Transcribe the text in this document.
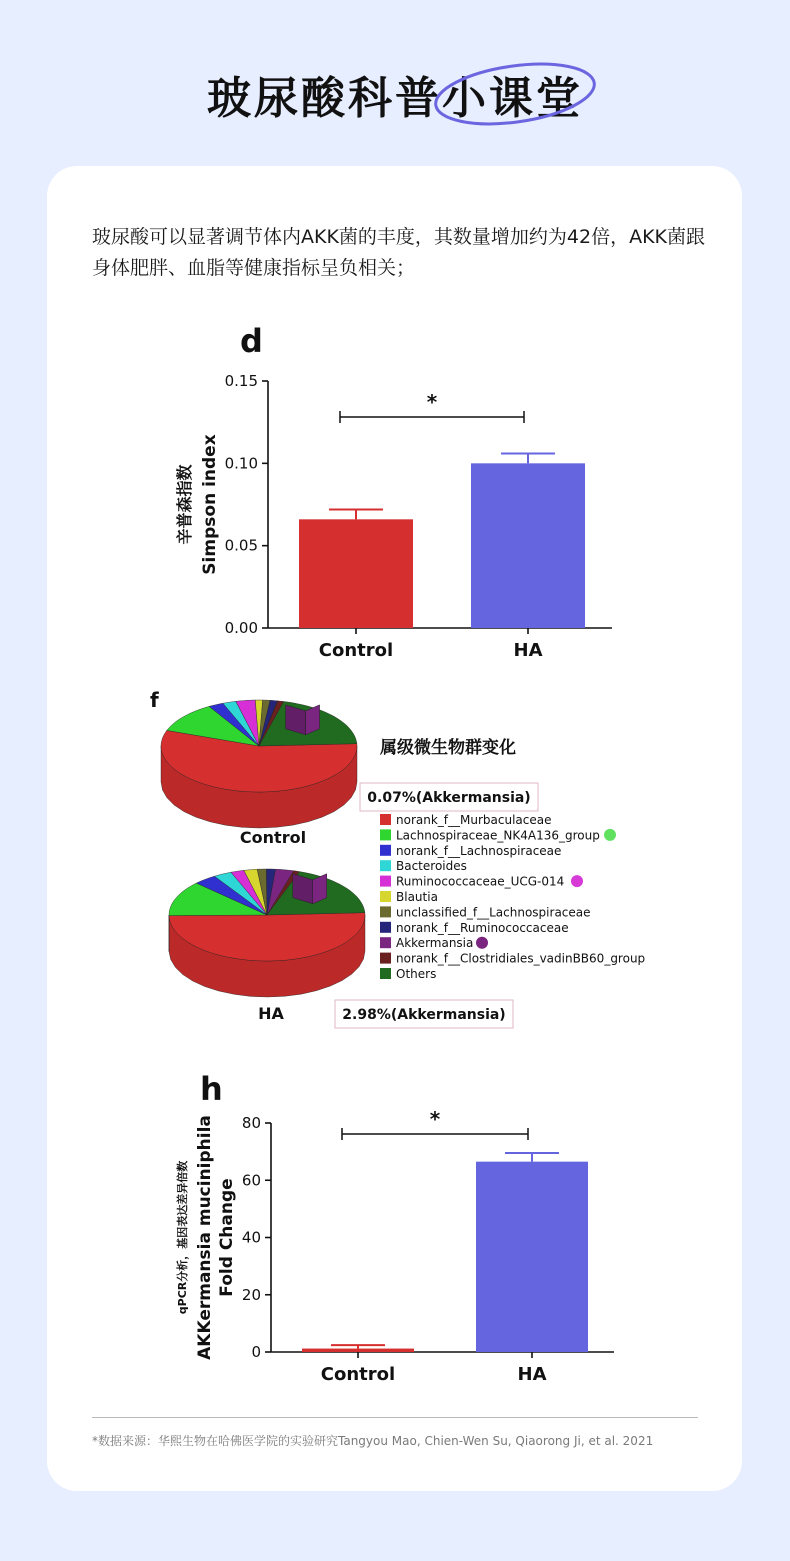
玻尿酸科普小课堂
玻尿酸可以显著调节体内AKK菌的丰度，其数量增加约为42倍，AKK菌跟身体肥胖、血脂等健康指标呈负相关；
d
0.00
0.05
0.10
0.15
Control	HA
*
辛普森指数 Simpson index
f
Control
0.07%(Akkermansia)
HA	2.98%(Akkermansia)
属级微生物群变化
norank_f__Murbaculaceae
Lachnospiraceae_NK4A136_group
norank_f__Lachnospiraceae
Bacteroides
Ruminococcaceae_UCG-014
Blautia
unclassified_f__Lachnospiraceae
norank_f__Ruminococcaceae
Akkermansia
norank_f__Clostridiales_vadinBB60_group
Others
h
0
20
40
60
80
Control	HA
*
qPCR分析，基因表达差异倍数 AKKermansia muciniphila Fold Change
*数据来源：华熙生物在哈佛医学院的实验研究Tangyou Mao, Chien-Wen Su, Qiaorong Ji, et al. 2021
